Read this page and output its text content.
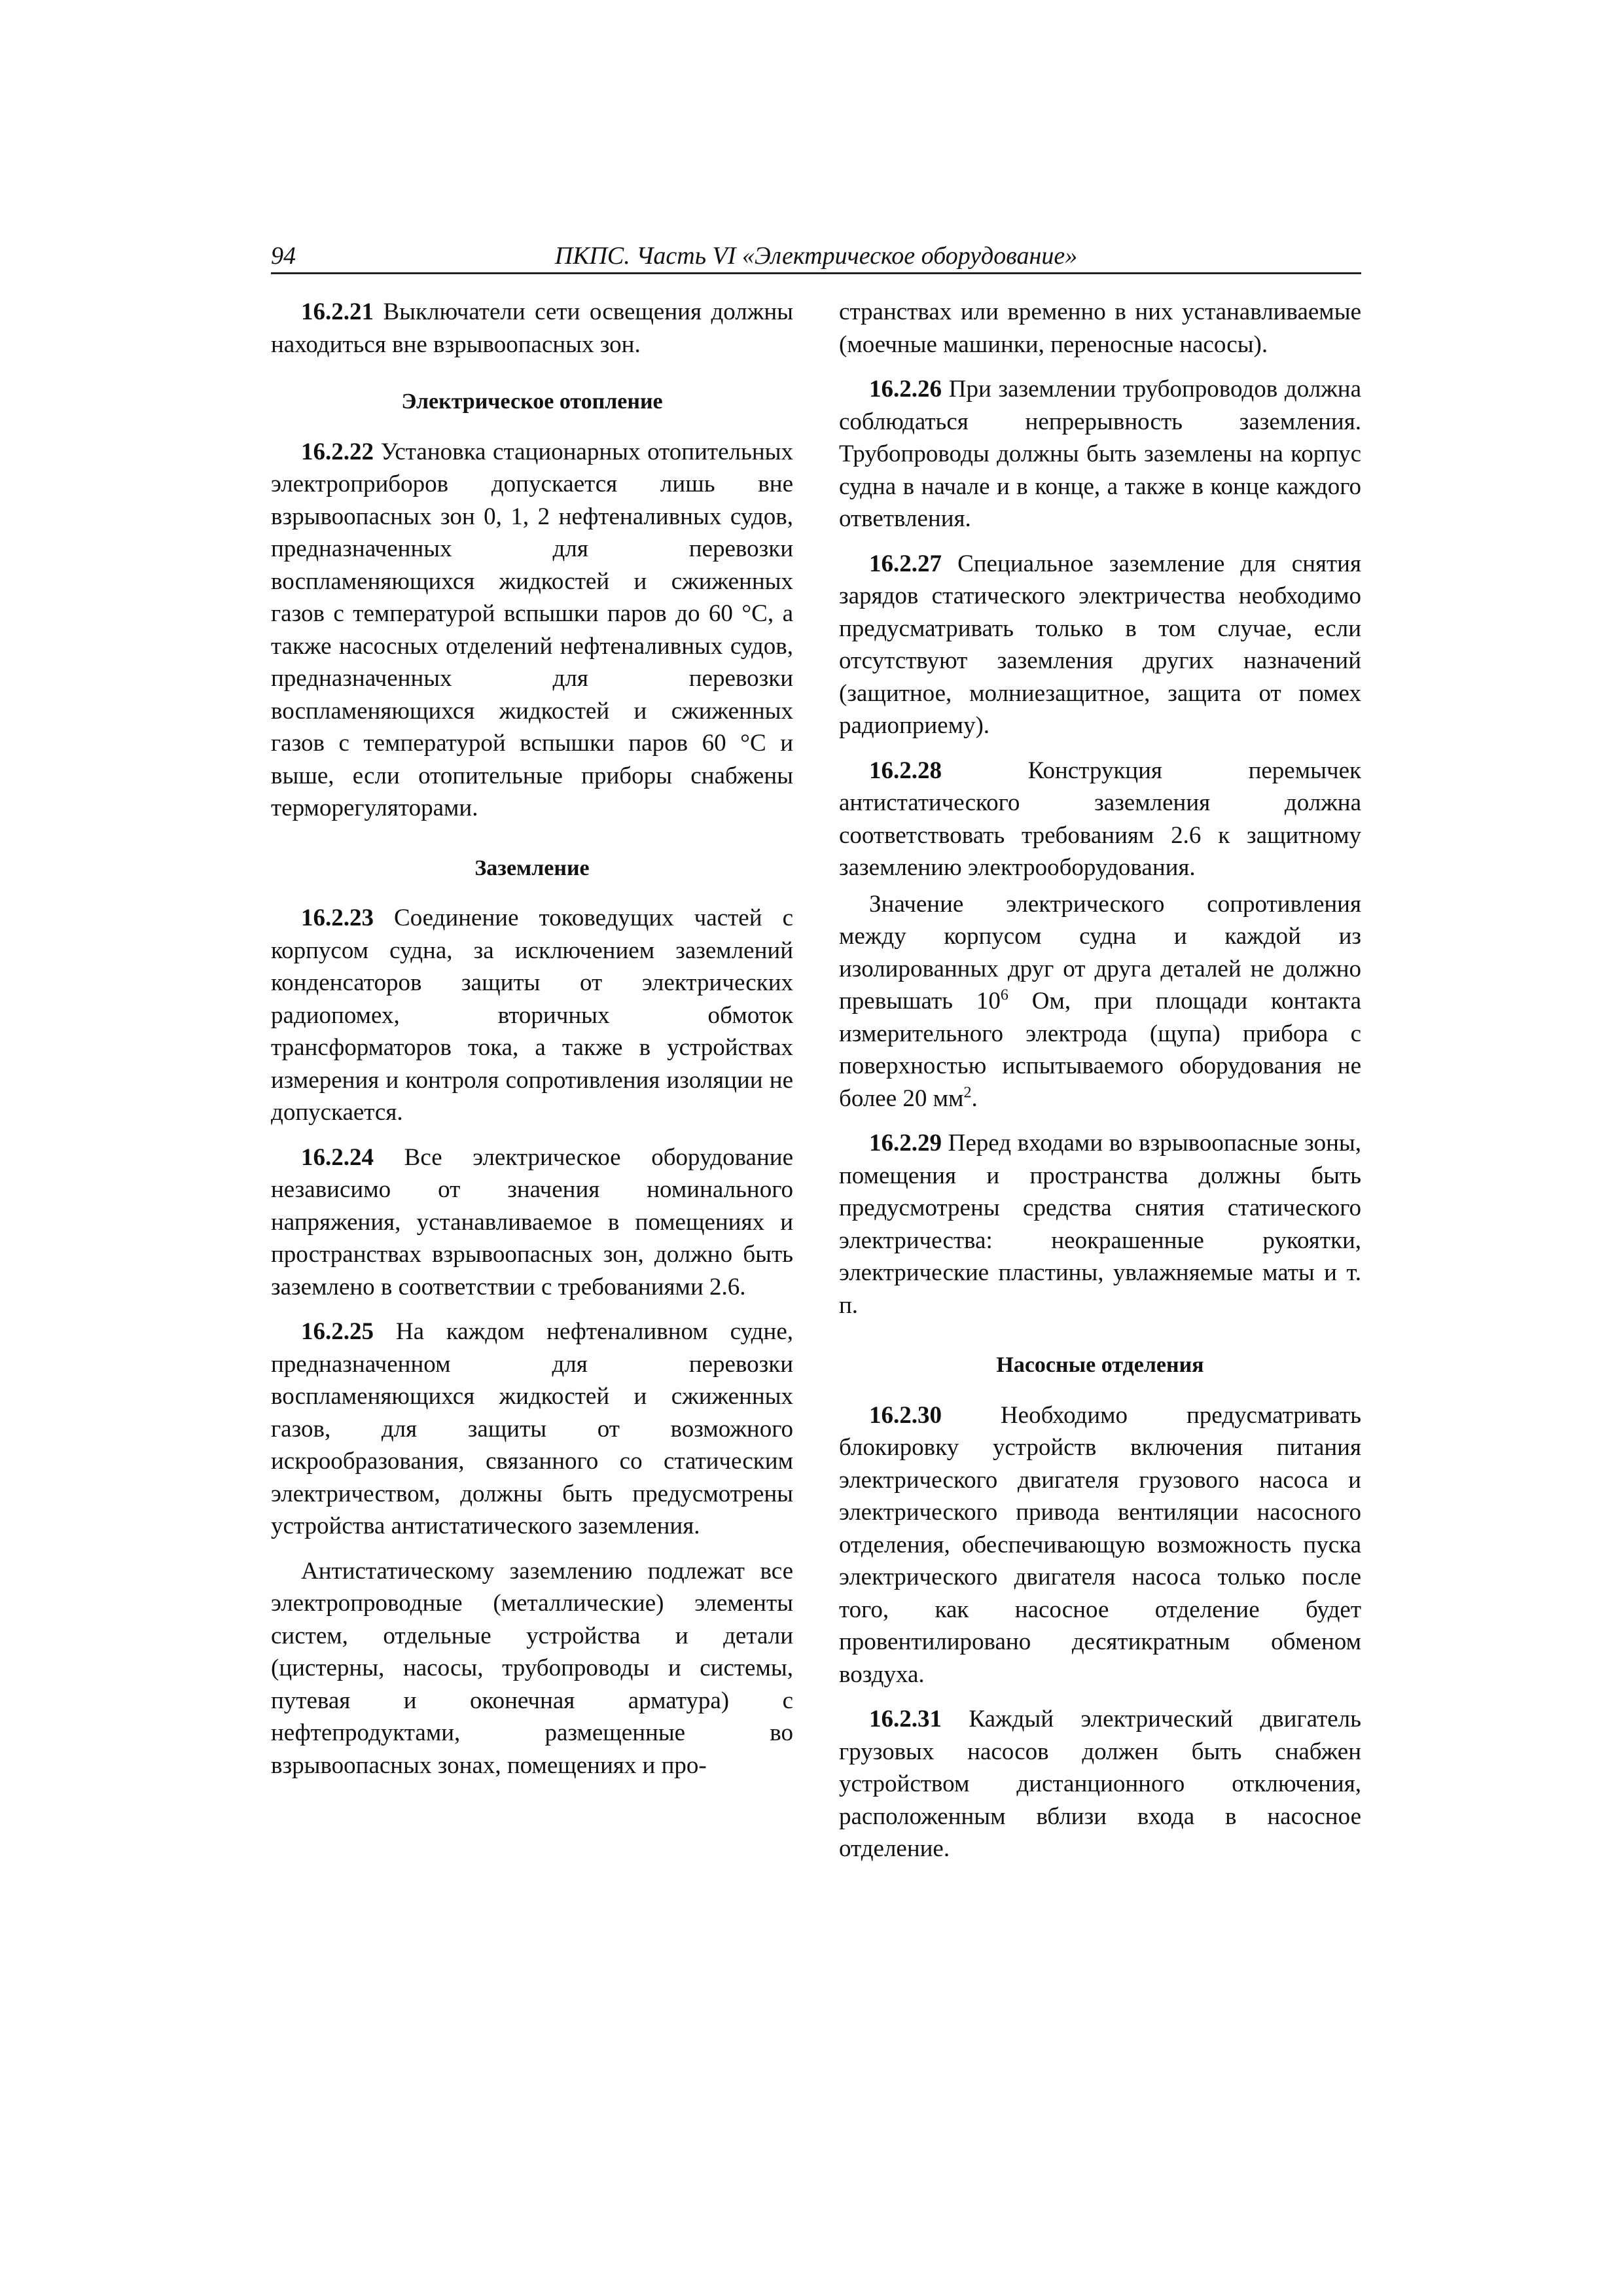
94	ПКПС. Часть VI «Электрическое оборудование»

16.2.21 Выключатели сети освещения должны находиться вне взрывоопасных зон.

Электрическое отопление

16.2.22 Установка стационарных отопительных электроприборов допускается лишь вне взрывоопасных зон 0, 1, 2 нефтеналивных судов, предназначенных для перевозки воспламеняющихся жидкостей и сжиженных газов с температурой вспышки паров до 60 °С, а также насосных отделений нефтеналивных судов, предназначенных для перевозки воспламеняющихся жидкостей и сжиженных газов с температурой вспышки паров 60 °С и выше, если отопительные приборы снабжены терморегуляторами.

Заземление

16.2.23 Соединение токоведущих частей с корпусом судна, за исключением заземлений конденсаторов защиты от электрических радиопомех, вторичных обмоток трансформаторов тока, а также в устройствах измерения и контроля сопротивления изоляции не допускается.

16.2.24 Все электрическое оборудование независимо от значения номинального напряжения, устанавливаемое в помещениях и пространствах взрывоопасных зон, должно быть заземлено в соответствии с требованиями 2.6.

16.2.25 На каждом нефтеналивном судне, предназначенном для перевозки воспламеняющихся жидкостей и сжиженных газов, для защиты от возможного искрообразования, связанного со статическим электричеством, должны быть предусмотрены устройства антистатического заземления.

Антистатическому заземлению подлежат все электропроводные (металлические) элементы систем, отдельные устройства и детали (цистерны, насосы, трубопроводы и системы, путевая и оконечная арматура) с нефтепродуктами, размещенные во взрывоопасных зонах, помещениях и про-

странствах или временно в них устанавливаемые (моечные машинки, переносные насосы).

16.2.26 При заземлении трубопроводов должна соблюдаться непрерывность заземления. Трубопроводы должны быть заземлены на корпус судна в начале и в конце, а также в конце каждого ответвления.

16.2.27 Специальное заземление для снятия зарядов статического электричества необходимо предусматривать только в том случае, если отсутствуют заземления других назначений (защитное, молниезащитное, защита от помех радиоприему).

16.2.28 Конструкция перемычек антистатического заземления должна соответствовать требованиям 2.6 к защитному заземлению электрооборудования.

Значение электрического сопротивления между корпусом судна и каждой из изолированных друг от друга деталей не должно превышать $10^6$ Ом, при площади контакта измерительного электрода (щупа) прибора с поверхностью испытываемого оборудования не более 20 $мм^2$.

16.2.29 Перед входами во взрывоопасные зоны, помещения и пространства должны быть предусмотрены средства снятия статического электричества: неокрашенные рукоятки, электрические пластины, увлажняемые маты и т. п.

Насосные отделения

16.2.30 Необходимо предусматривать блокировку устройств включения питания электрического двигателя грузового насоса и электрического привода вентиляции насосного отделения, обеспечивающую возможность пуска электрического двигателя насоса только после того, как насосное отделение будет провентилировано десятикратным обменом воздуха.

16.2.31 Каждый электрический двигатель грузовых насосов должен быть снабжен устройством дистанционного отключения, расположенным вблизи входа в насосное отделение.
